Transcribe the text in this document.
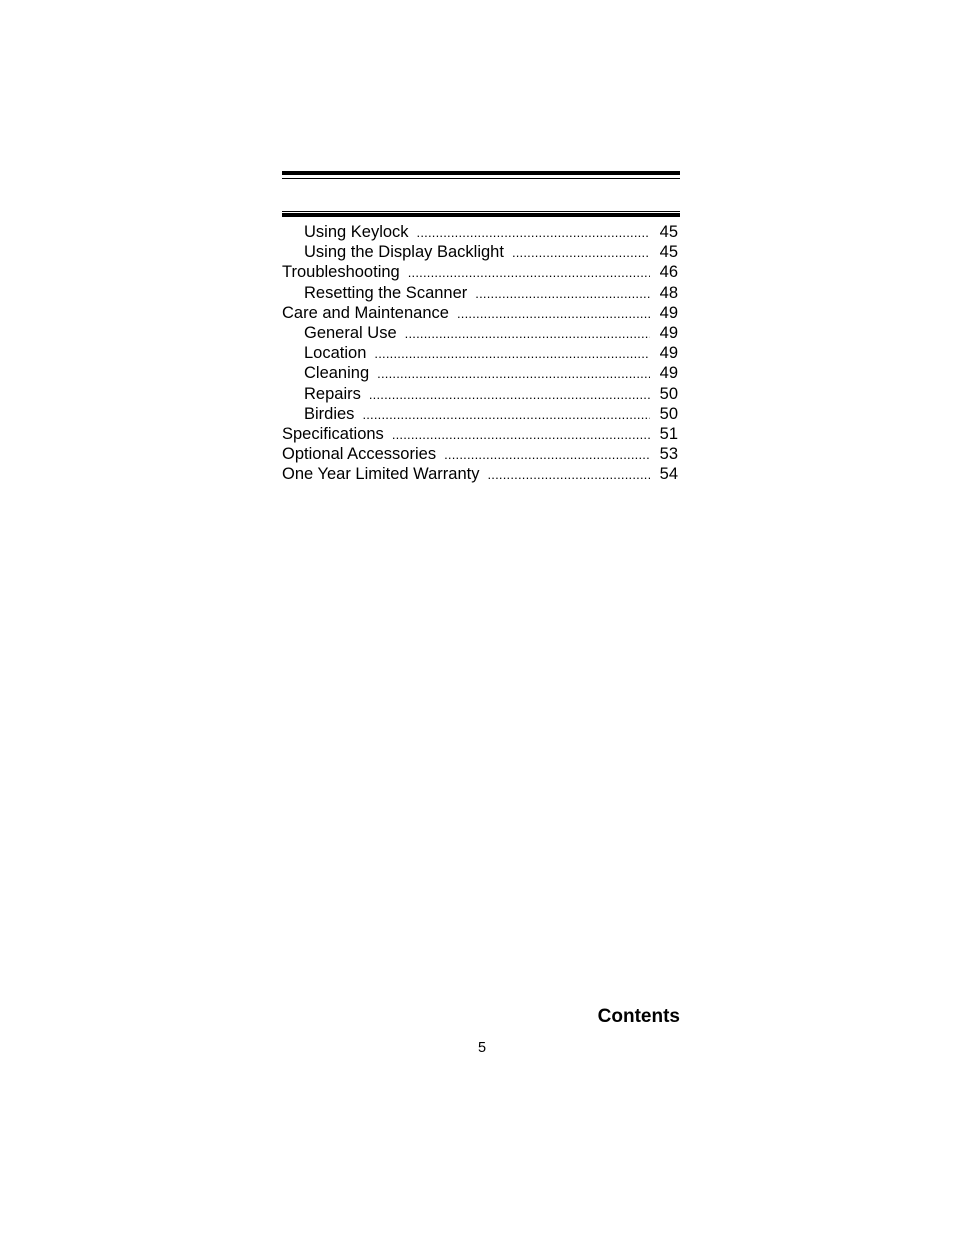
Using Keylock .....	45
Using the Display Backlight .....	45
Troubleshooting .....	46
Resetting the Scanner .....	48
Care and Maintenance .....	49
General Use .....	49
Location .....	49
Cleaning .....	49
Repairs .....	50
Birdies .....	50
Specifications .....	51
Optional Accessories .....	53
One Year Limited Warranty .....	54
Contents
5
